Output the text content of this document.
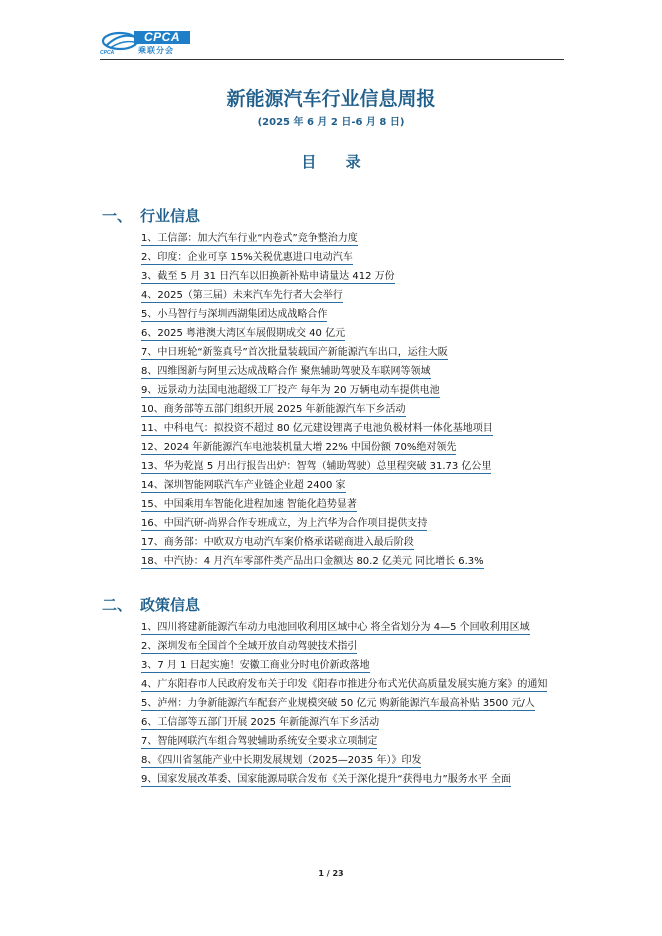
CPCA
乘联分会
CPCA
新能源汽车行业信息周报
(2025 年 6 月 2 日-6 月 8 日)
目 录
一、 行业信息
1、工信部：加大汽车行业“内卷式”竞争整治力度
2、印度：企业可享 15%关税优惠进口电动汽车
3、截至 5 月 31 日汽车以旧换新补贴申请量达 412 万份
4、2025（第三届）未来汽车先行者大会举行
5、小马智行与深圳西湖集团达成战略合作
6、2025 粤港澳大湾区车展假期成交 40 亿元
7、中日班轮“新鉴真号”首次批量装载国产新能源汽车出口，运往大阪
8、四维图新与阿里云达成战略合作 聚焦辅助驾驶及车联网等领域
9、远景动力法国电池超级工厂投产 每年为 20 万辆电动车提供电池
10、商务部等五部门组织开展 2025 年新能源汽车下乡活动
11、中科电气：拟投资不超过 80 亿元建设锂离子电池负极材料一体化基地项目
12、2024 年新能源汽车电池装机量大增 22% 中国份额 70%绝对领先
13、华为乾崑 5 月出行报告出炉：智驾（辅助驾驶）总里程突破 31.73 亿公里
14、深圳智能网联汽车产业链企业超 2400 家
15、中国乘用车智能化进程加速 智能化趋势显著
16、中国汽研-尚界合作专班成立，为上汽华为合作项目提供支持
17、商务部：中欧双方电动汽车案价格承诺磋商进入最后阶段
18、中汽协：4 月汽车零部件类产品出口金额达 80.2 亿美元 同比增长 6.3%
二、 政策信息
1、四川将建新能源汽车动力电池回收利用区域中心 将全省划分为 4—5 个回收利用区域
2、深圳发布全国首个全域开放自动驾驶技术指引
3、7 月 1 日起实施！安徽工商业分时电价新政落地
4、广东阳春市人民政府发布关于印发《阳春市推进分布式光伏高质量发展实施方案》的通知
5、泸州：力争新能源汽车配套产业规模突破 50 亿元 购新能源汽车最高补贴 3500 元/人
6、工信部等五部门开展 2025 年新能源汽车下乡活动
7、智能网联汽车组合驾驶辅助系统安全要求立项制定
8、《四川省氢能产业中长期发展规划（2025—2035 年）》印发
9、国家发展改革委、国家能源局联合发布《关于深化提升“获得电力”服务水平 全面
1 / 23
